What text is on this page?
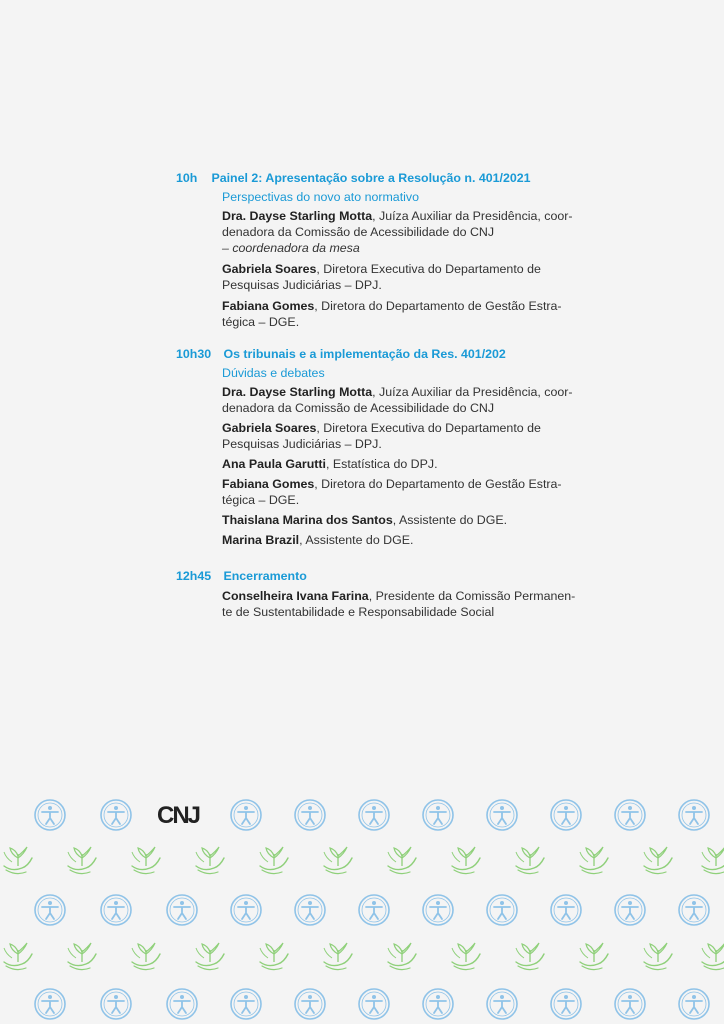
10h Painel 2: Apresentação sobre a Resolução n. 401/2021
Perspectivas do novo ato normativo
Dra. Dayse Starling Motta, Juíza Auxiliar da Presidência, coor-
denadora da Comissão de Acessibilidade do CNJ
– coordenadora da mesa
Gabriela Soares, Diretora Executiva do Departamento de
Pesquisas Judiciárias – DPJ.
Fabiana Gomes, Diretora do Departamento de Gestão Estra-
tégica – DGE.
10h30 Os tribunais e a implementação da Res. 401/202
Dúvidas e debates
Dra. Dayse Starling Motta, Juíza Auxiliar da Presidência, coor-
denadora da Comissão de Acessibilidade do CNJ
Gabriela Soares, Diretora Executiva do Departamento de
Pesquisas Judiciárias – DPJ.
Ana Paula Garutti, Estatística do DPJ.
Fabiana Gomes, Diretora do Departamento de Gestão Estra-
tégica – DGE.
Thaislana Marina dos Santos, Assistente do DGE.
Marina Brazil, Assistente do DGE.
12h45 Encerramento
Conselheira Ivana Farina, Presidente da Comissão Permanen-
te de Sustentabilidade e Responsabilidade Social
CNJ
